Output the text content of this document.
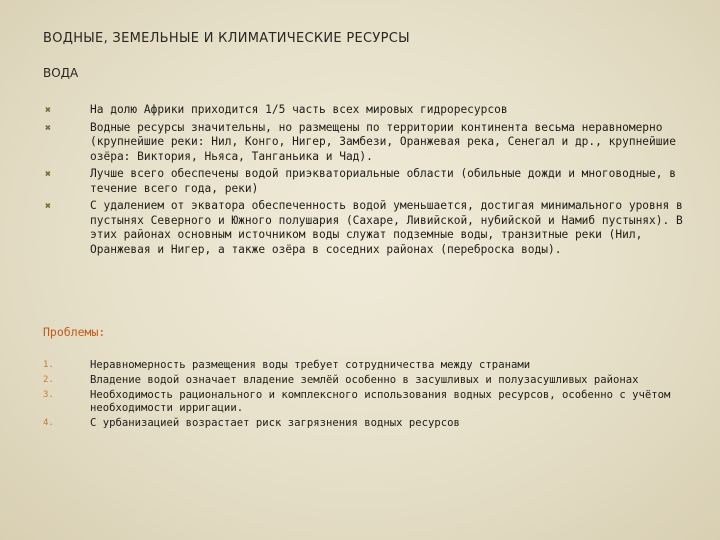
ВОДНЫЕ, ЗЕМЕЛЬНЫЕ И КЛИМАТИЧЕСКИЕ РЕСУРСЫ
ВОДА
✖	На долю Африки приходится 1/5 часть всех мировых гидроресурсов
✖	Водные ресурсы значительны, но размещены по территории континента весьма неравномерно (крупнейшие реки: Нил, Конго, Нигер, Замбези, Оранжевая река, Сенегал и др., крупнейшие озёра: Виктория, Ньяса, Танганьика и Чад).
✖	Лучше всего обеспечены водой приэкваториальные области (обильные дожди и многоводные, в течение всего года, реки)
✖	С удалением от экватора обеспеченность водой уменьшается, достигая минимального уровня в пустынях Северного и Южного полушария (Сахаре, Ливийской, нубийской и Намиб пустынях). В этих районах основным источником воды служат подземные воды, транзитные реки (Нил, Оранжевая и Нигер, а также озёра в соседних районах (переброска воды).
Проблемы:
1.	Неравномерность размещения воды требует сотрудничества между странами
2.	Владение водой означает владение землёй особенно в засушливых и полузасушливых районах
3.	Необходимость рационального и комплексного использования водных ресурсов, особенно с учётом необходимости ирригации.
4.	С урбанизацией возрастает риск загрязнения водных ресурсов
